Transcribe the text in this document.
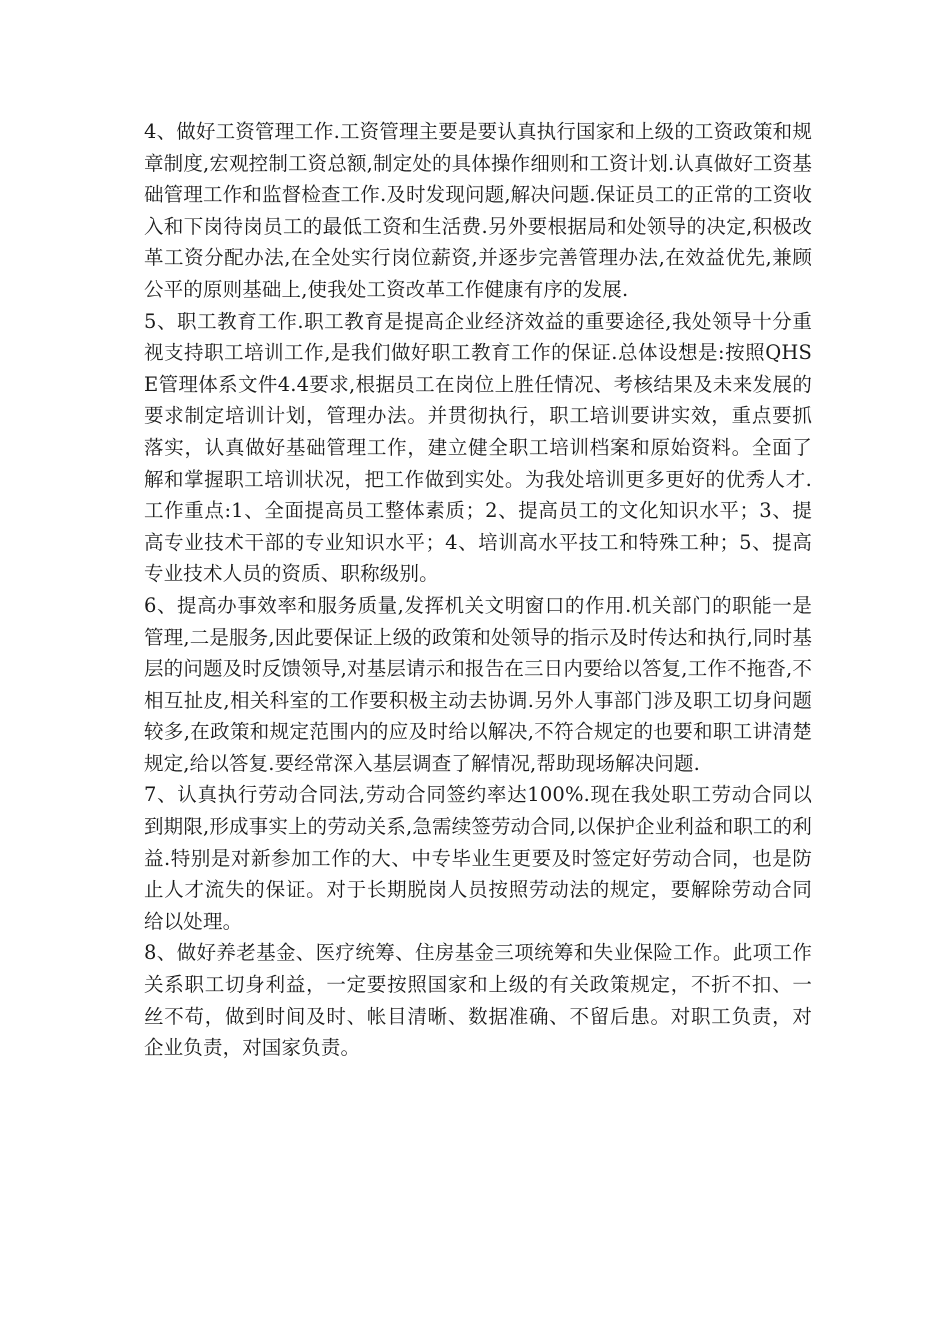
4、做好工资管理工作.工资管理主要是要认真执行国家和上级的工资政策和规章制度,宏观控制工资总额,制定处的具体操作细则和工资计划.认真做好工资基础管理工作和监督检查工作.及时发现问题,解决问题.保证员工的正常的工资收入和下岗待岗员工的最低工资和生活费.另外要根据局和处领导的决定,积极改革工资分配办法,在全处实行岗位薪资,并逐步完善管理办法,在效益优先,兼顾公平的原则基础上,使我处工资改革工作健康有序的发展.

5、职工教育工作.职工教育是提高企业经济效益的重要途径,我处领导十分重视支持职工培训工作,是我们做好职工教育工作的保证.总体设想是:按照QHSE管理体系文件4.4要求,根据员工在岗位上胜任情况、考核结果及未来发展的要求制定培训计划，管理办法。并贯彻执行，职工培训要讲实效，重点要抓落实，认真做好基础管理工作，建立健全职工培训档案和原始资料。全面了解和掌握职工培训状况，把工作做到实处。为我处培训更多更好的优秀人才.工作重点:1、全面提高员工整体素质；2、提高员工的文化知识水平；3、提高专业技术干部的专业知识水平；4、培训高水平技工和特殊工种；5、提高专业技术人员的资质、职称级别。

6、提高办事效率和服务质量,发挥机关文明窗口的作用.机关部门的职能一是管理,二是服务,因此要保证上级的政策和处领导的指示及时传达和执行,同时基层的问题及时反馈领导,对基层请示和报告在三日内要给以答复,工作不拖沓,不相互扯皮,相关科室的工作要积极主动去协调.另外人事部门涉及职工切身问题较多,在政策和规定范围内的应及时给以解决,不符合规定的也要和职工讲清楚规定,给以答复.要经常深入基层调查了解情况,帮助现场解决问题.

7、认真执行劳动合同法,劳动合同签约率达100%.现在我处职工劳动合同以到期限,形成事实上的劳动关系,急需续签劳动合同,以保护企业利益和职工的利益.特别是对新参加工作的大、中专毕业生更要及时签定好劳动合同，也是防止人才流失的保证。对于长期脱岗人员按照劳动法的规定，要解除劳动合同给以处理。

8、做好养老基金、医疗统筹、住房基金三项统筹和失业保险工作。此项工作关系职工切身利益，一定要按照国家和上级的有关政策规定，不折不扣、一丝不苟，做到时间及时、帐目清晰、数据准确、不留后患。对职工负责，对企业负责，对国家负责。
